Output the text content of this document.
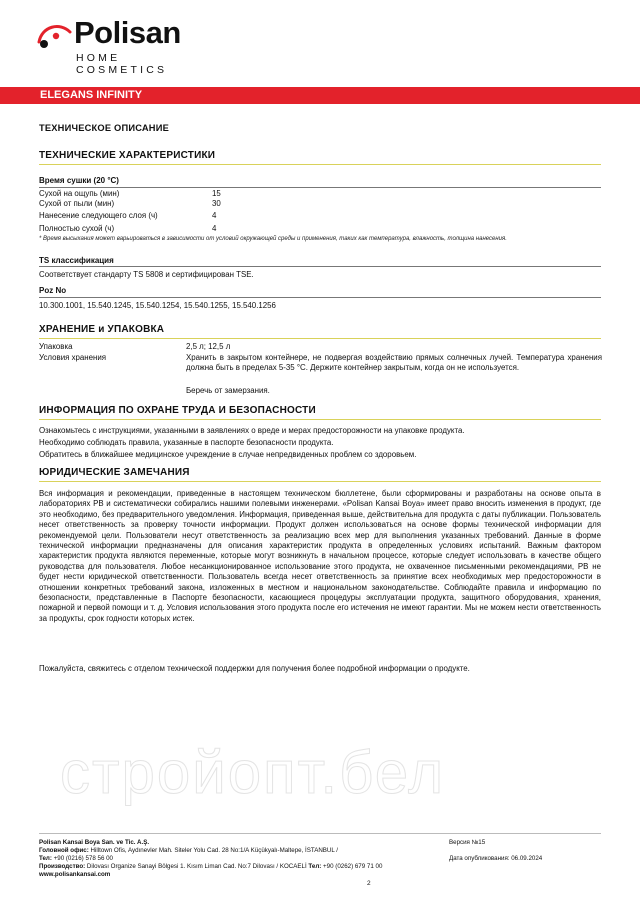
Polisan
HOME COSMETICS
ELEGANS INFINITY
ТЕХНИЧЕСКОЕ ОПИСАНИЕ
ТЕХНИЧЕСКИЕ ХАРАКТЕРИСТИКИ
Время сушки (20 °C)
Сухой на ощупь (мин)	15
Сухой от пыли (мин)	30
Нанесение следующего слоя (ч)	4
Полностью сухой (ч)	4
* Время высыхания может варьироваться в зависимости от условий окружающей среды и применения, таких как температура, влажность, толщина нанесения.
TS классификация
Соответствует стандарту TS 5808 и сертифицирован TSE.
Poz No
10.300.1001, 15.540.1245, 15.540.1254, 15.540.1255, 15.540.1256
ХРАНЕНИЕ и УПАКОВКА
Упаковка	2,5 л; 12,5 л
Условия хранения	Хранить в закрытом контейнере, не подвергая воздействию прямых солнечных лучей. Температура хранения должна быть в пределах 5-35 °C. Держите контейнер закрытым, когда он не используется.
Беречь от замерзания.
ИНФОРМАЦИЯ ПО ОХРАНЕ ТРУДА И БЕЗОПАСНОСТИ
Ознакомьтесь с инструкциями, указанными в заявлениях о вреде и мерах предосторожности на упаковке продукта.
Необходимо соблюдать правила, указанные в паспорте безопасности продукта.
Обратитесь в ближайшее медицинское учреждение в случае непредвиденных проблем со здоровьем.
ЮРИДИЧЕСКИЕ ЗАМЕЧАНИЯ
Вся информация и рекомендации, приведенные в настоящем техническом бюллетене, были сформированы и разработаны на основе опыта в лабораториях PB и систематически собирались нашими полевыми инженерами. «Polisan Kansai Boya» имеет право вносить изменения в продукт, где это необходимо, без предварительного уведомления. Информация, приведенная выше, действительна для продукта с даты публикации. Пользователь несет ответственность за проверку точности информации. Продукт должен использоваться на основе формы технической информации для рекомендуемой цели. Пользователи несут ответственность за реализацию всех мер для выполнения указанных требований. Данные в форме технической информации предназначены для описания характеристик продукта в определенных условиях испытаний. Важным фактором характеристик продукта являются переменные, которые могут возникнуть в начальном процессе, которые следует использовать в качестве общего руководства для пользователя. Любое несанкционированное использование этого продукта, не охваченное письменными рекомендациями, PB не будет нести юридической ответственности. Пользователь всегда несет ответственность за принятие всех необходимых мер предосторожности в отношении конкретных требований закона, изложенных в местном и национальном законодательстве. Соблюдайте правила и информацию по безопасности, представленные в Паспорте безопасности, касающиеся процедуры эксплуатации продукта, защитного оборудования, хранения, пожарной и первой помощи и т. д. Условия использования этого продукта после его истечения не имеют гарантии. Мы не можем нести ответственность за продукты, срок годности которых истек.
Пожалуйста, свяжитесь с отделом технической поддержки для получения более подробной информации о продукте.
стройопт.бел
Polisan Kansai Boya San. ve Tic. A.Ş.
Головной офис: Hilltown Ofis, Aydınevler Mah. Siteler Yolu Cad. 28 No:1/A Küçükyalı-Maltepe, İSTANBUL /
Тел: +90 (0216) 578 56 00
Производство: Dilovası Organize Sanayi Bölgesi 1. Kısım Liman Cad. No:7 Dilovası / KOCAELİ Тел: +90 (0262) 679 71 00
www.polisankansai.com
Версия №15
Дата опубликования: 06.09.2024
2
